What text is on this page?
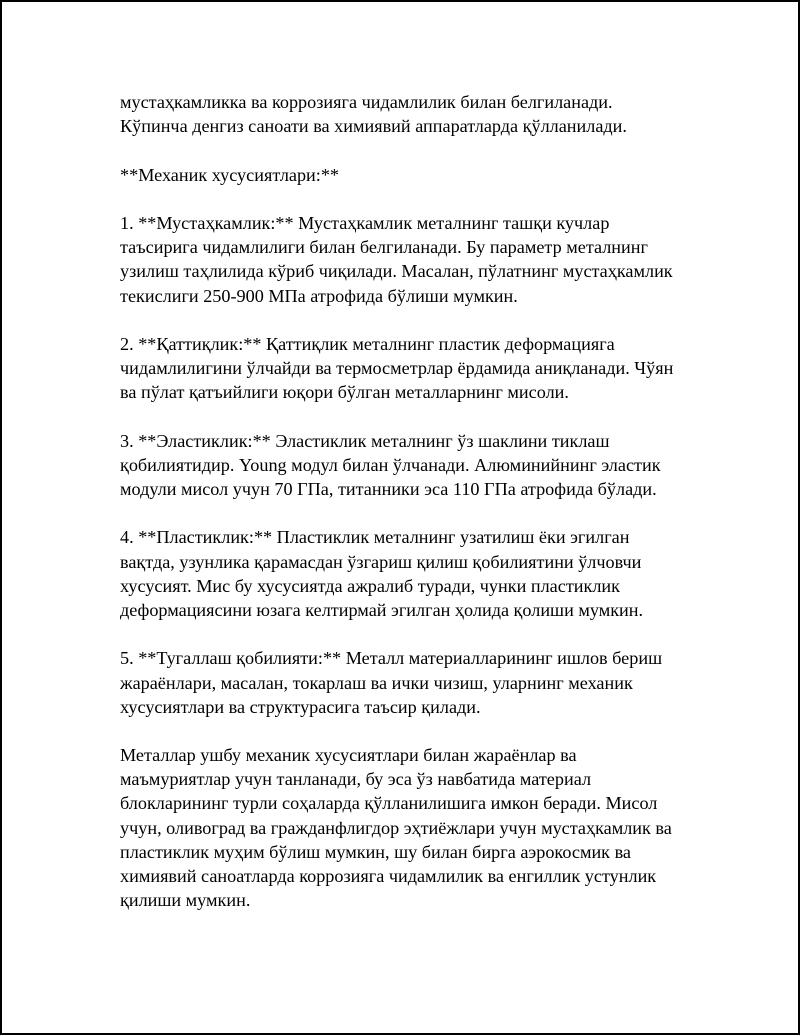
мустаҳкамликка ва коррозияга чидамлилик билан белгиланади.
Кўпинча денгиз саноати ва химиявий аппаратларда қўлланилади.

**Механик хусусиятлари:**

1. **Мустаҳкамлик:** Мустаҳкамлик металнинг ташқи кучлар
таъсирига чидамлилиги билан белгиланади. Бу параметр металнинг
узилиш таҳлилида кўриб чиқилади. Масалан, пўлатнинг мустаҳкамлик
текислиги 250-900 МПа атрофида бўлиши мумкин.

2. **Қаттиқлик:** Қаттиқлик металнинг пластик деформацияга
чидамлилигини ўлчайди ва термосметрлар ёрдамида аниқланади. Чўян
ва пўлат қатъийлиги юқори бўлган металларнинг мисоли.

3. **Эластиклик:** Эластиклик металнинг ўз шаклини тиклаш
қобилиятидир. Young модул билан ўлчанади. Алюминийнинг эластик
модули мисол учун 70 ГПа, титанники эса 110 ГПа атрофида бўлади.

4. **Пластиклик:** Пластиклик металнинг узатилиш ёки эгилган
вақтда, узунлика қарамасдан ўзгариш қилиш қобилиятини ўлчовчи
хусусият. Мис бу хусусиятда ажралиб туради, чунки пластиклик
деформациясини юзага келтирмай эгилган ҳолида қолиши мумкин.

5. **Тугаллаш қобилияти:** Металл материалларининг ишлов бериш
жараёнлари, масалан, токарлаш ва ички чизиш, уларнинг механик
хусусиятлари ва структурасига таъсир қилади.

Металлар ушбу механик хусусиятлари билан жараёнлар ва
маъмуриятлар учун танланади, бу эса ўз навбатида материал
блокларининг турли соҳаларда қўлланилишига имкон беради. Мисол
учун, оливоград ва гражданфлигдор эҳтиёжлари учун мустаҳкамлик ва
пластиклик муҳим бўлиш мумкин, шу билан бирга аэрокосмик ва
химиявий саноатларда коррозияга чидамлилик ва енгиллик устунлик
қилиши мумкин.
